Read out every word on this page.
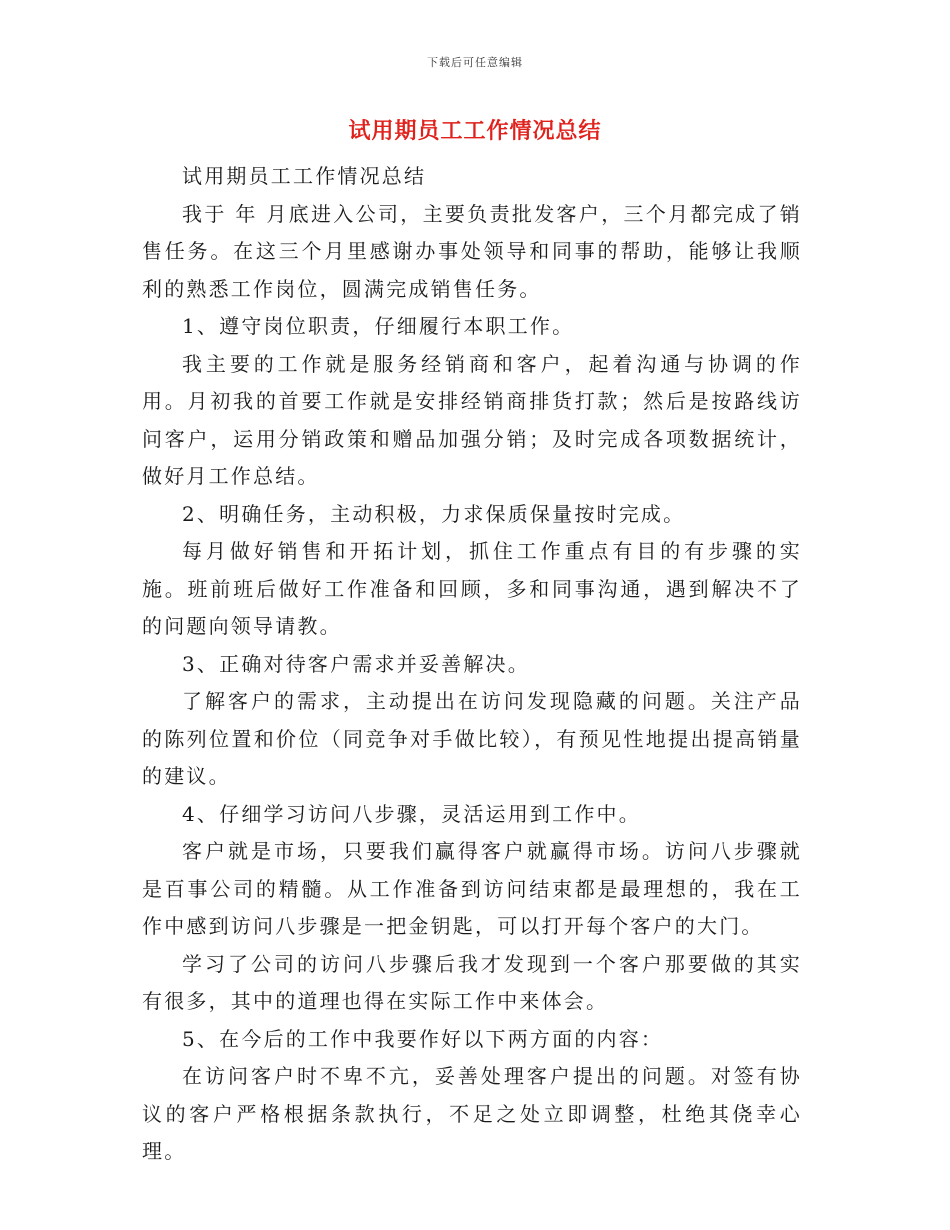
下载后可任意编辑
试用期员工工作情况总结

试用期员工工作情况总结

我于 年 月底进入公司，主要负责批发客户，三个月都完成了销售任务。在这三个月里感谢办事处领导和同事的帮助，能够让我顺利的熟悉工作岗位，圆满完成销售任务。

1、遵守岗位职责，仔细履行本职工作。

我主要的工作就是服务经销商和客户，起着沟通与协调的作用。月初我的首要工作就是安排经销商排货打款；然后是按路线访问客户，运用分销政策和赠品加强分销；及时完成各项数据统计，做好月工作总结。

2、明确任务，主动积极，力求保质保量按时完成。

每月做好销售和开拓计划，抓住工作重点有目的有步骤的实施。班前班后做好工作准备和回顾，多和同事沟通，遇到解决不了的问题向领导请教。

3、正确对待客户需求并妥善解决。

了解客户的需求，主动提出在访问发现隐藏的问题。关注产品的陈列位置和价位（同竞争对手做比较），有预见性地提出提高销量的建议。

4、仔细学习访问八步骤，灵活运用到工作中。

客户就是市场，只要我们赢得客户就赢得市场。访问八步骤就是百事公司的精髓。从工作准备到访问结束都是最理想的，我在工作中感到访问八步骤是一把金钥匙，可以打开每个客户的大门。

学习了公司的访问八步骤后我才发现到一个客户那要做的其实有很多，其中的道理也得在实际工作中来体会。

5、在今后的工作中我要作好以下两方面的内容：

在访问客户时不卑不亢，妥善处理客户提出的问题。对签有协议的客户严格根据条款执行，不足之处立即调整，杜绝其侥幸心理。
